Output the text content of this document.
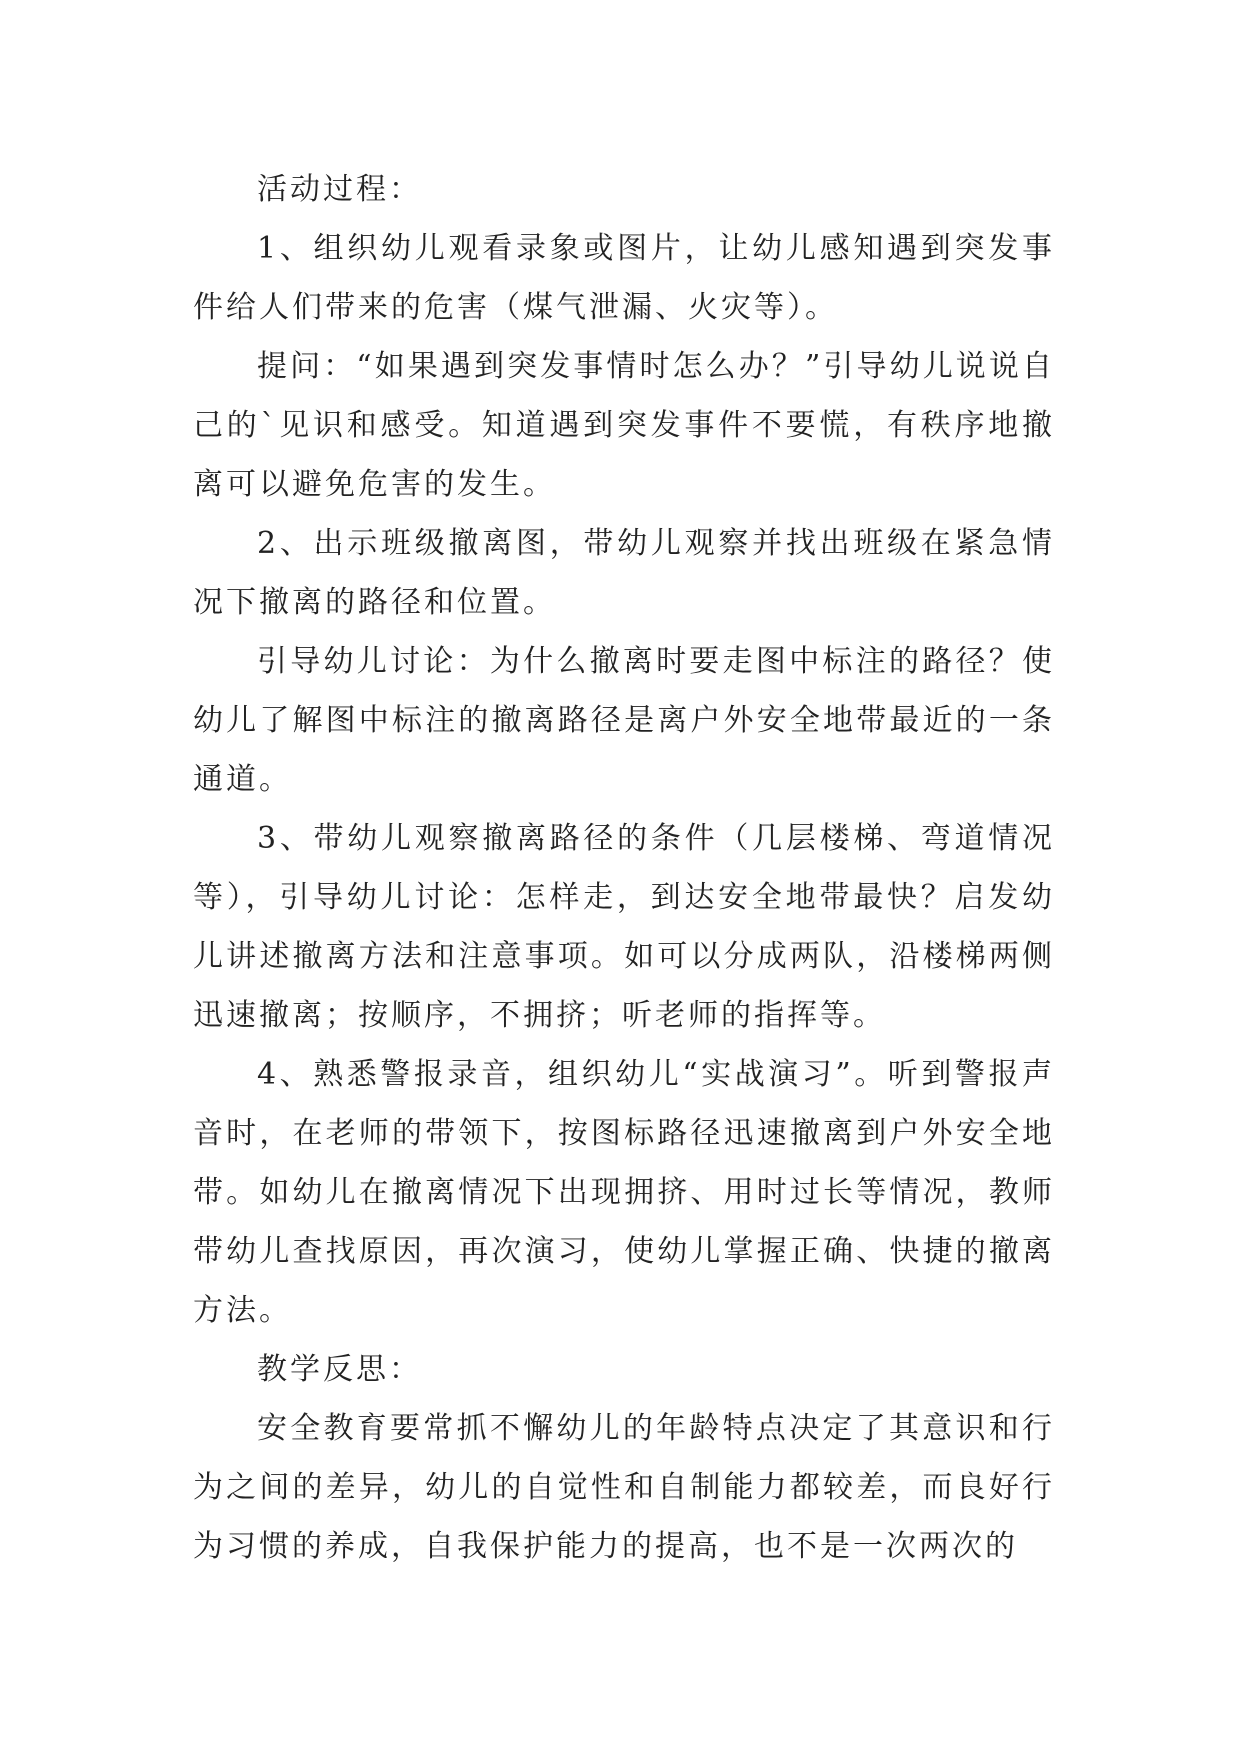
活动过程：

1、组织幼儿观看录象或图片，让幼儿感知遇到突发事件给人们带来的危害（煤气泄漏、火灾等）。

提问：“如果遇到突发事情时怎么办？”引导幼儿说说自己的`见识和感受。知道遇到突发事件不要慌，有秩序地撤离可以避免危害的发生。

2、出示班级撤离图，带幼儿观察并找出班级在紧急情况下撤离的路径和位置。

引导幼儿讨论：为什么撤离时要走图中标注的路径？使幼儿了解图中标注的撤离路径是离户外安全地带最近的一条通道。

3、带幼儿观察撤离路径的条件（几层楼梯、弯道情况等），引导幼儿讨论：怎样走，到达安全地带最快？启发幼儿讲述撤离方法和注意事项。如可以分成两队，沿楼梯两侧迅速撤离；按顺序，不拥挤；听老师的指挥等。

4、熟悉警报录音，组织幼儿“实战演习”。听到警报声音时，在老师的带领下，按图标路径迅速撤离到户外安全地带。如幼儿在撤离情况下出现拥挤、用时过长等情况，教师带幼儿查找原因，再次演习，使幼儿掌握正确、快捷的撤离方法。

教学反思：

安全教育要常抓不懈幼儿的年龄特点决定了其意识和行为之间的差异，幼儿的自觉性和自制能力都较差，而良好行为习惯的养成，自我保护能力的提高，也不是一次两次的
